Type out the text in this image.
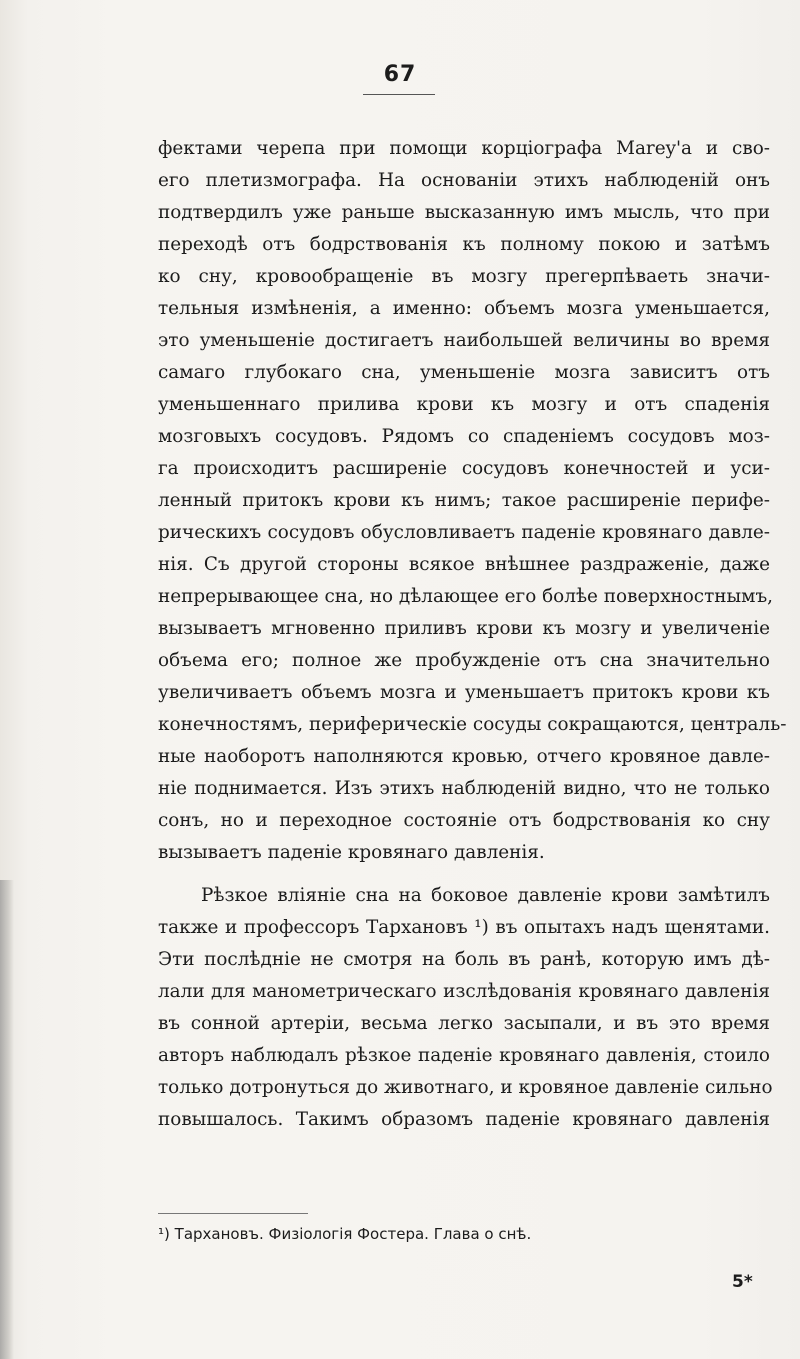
67
фектами черепа при помощи корціографа Marey'a и сво-
его плетизмографа. На основаніи этихъ наблюденій онъ
подтвердилъ уже раньше высказанную имъ мысль, что при
переходѣ отъ бодрствованія къ полному покою и затѣмъ
ко сну, кровообращеніе въ мозгу прегерпѣваеть значи-
тельныя измѣненія, а именно: объемъ мозга уменьшается,
это уменьшеніе достигаетъ наибольшей величины во время
самаго глубокаго сна, уменьшеніе мозга зависитъ отъ
уменьшеннаго прилива крови къ мозгу и отъ спаденія
мозговыхъ сосудовъ. Рядомъ со спаденіемъ сосудовъ моз-
га происходитъ расширеніе сосудовъ конечностей и уси-
ленный притокъ крови къ нимъ; такое расширеніе перифе-
рическихъ сосудовъ обусловливаетъ паденіе кровянаго давле-
нія. Съ другой стороны всякое внѣшнее раздраженіе, даже
непрерывающее сна, но дѣлающее его болѣе поверхностнымъ,
вызываетъ мгновенно приливъ крови къ мозгу и увеличеніе
объема его; полное же пробужденіе отъ сна значительно
увеличиваетъ объемъ мозга и уменьшаетъ притокъ крови къ
конечностямъ, периферическіе сосуды сокращаются, централь-
ные наоборотъ наполняются кровью, отчего кровяное давле-
ніе поднимается. Изъ этихъ наблюденій видно, что не только
сонъ, но и переходное состояніе отъ бодрствованія ко сну
вызываетъ паденіе кровянаго давленія.
Рѣзкое вліяніе сна на боковое давленіе крови замѣтилъ
также и профессоръ Тархановъ ¹) въ опытахъ надъ щенятами.
Эти послѣдніе не смотря на боль въ ранѣ, которую имъ дѣ-
лали для манометрическаго изслѣдованія кровянаго давленія
въ сонной артеріи, весьма легко засыпали, и въ это время
авторъ наблюдалъ рѣзкое паденіе кровянаго давленія, стоило
только дотронуться до животнаго, и кровяное давленіе сильно
повышалось. Такимъ образомъ паденіе кровянаго давленія
¹) Тархановъ. Физіологія Фостера. Глава о снѣ.
5*
